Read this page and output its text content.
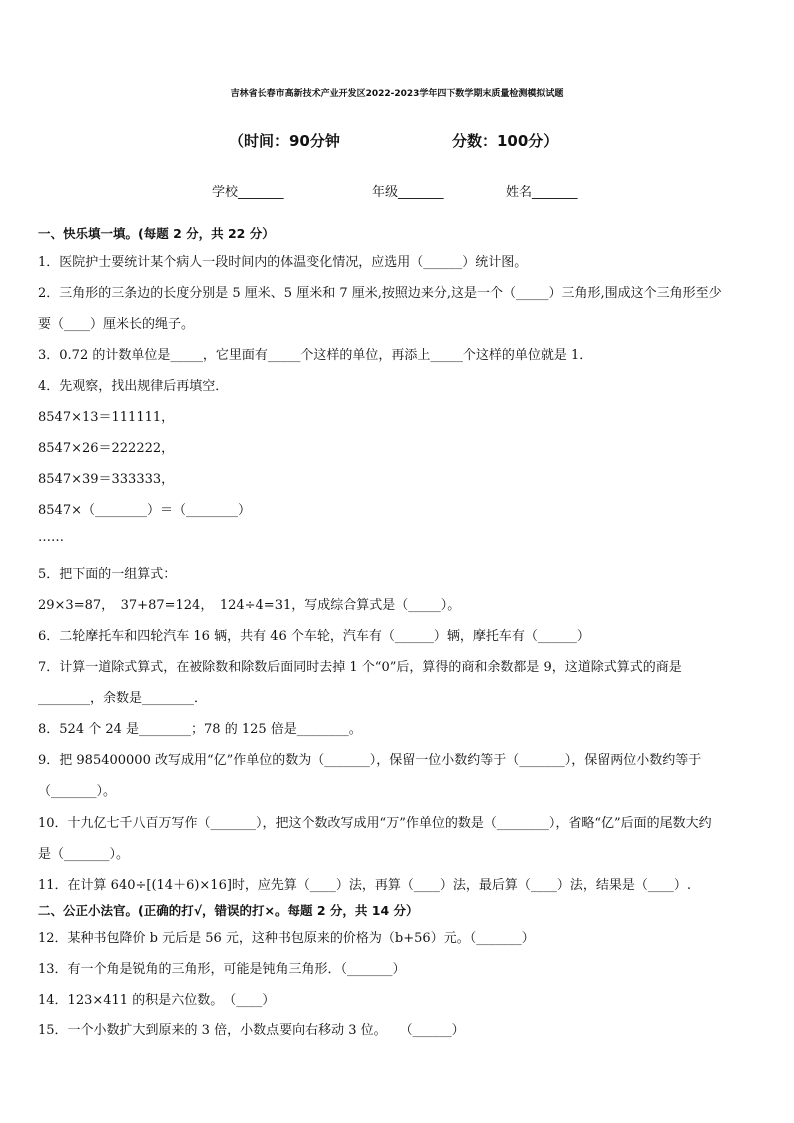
吉林省长春市高新技术产业开发区2022-2023学年四下数学期末质量检测模拟试题
（时间：90分钟	分数：100分）
学校_______	年级_______	姓名_______
一、快乐填一填。(每题 2 分，共 22 分）
1．医院护士要统计某个病人一段时间内的体温变化情况，应选用（______）统计图。
2．三角形的三条边的长度分别是 5 厘米、5 厘米和 7 厘米,按照边来分,这是一个（_____）三角形,围成这个三角形至少
要（____）厘米长的绳子。
3．0.72 的计数单位是_____，它里面有_____个这样的单位，再添上_____个这样的单位就是 1．
4．先观察，找出规律后再填空．
8547×13＝111111，
8547×26＝222222，
8547×39＝333333，
8547×（________）＝（________）
……
5．把下面的一组算式：
29×3=87，　37+87=124，　124÷4=31，写成综合算式是（_____）。
6．二轮摩托车和四轮汽车 16 辆，共有 46 个车轮，汽车有（______）辆，摩托车有（______）
7．计算一道除式算式，在被除数和除数后面同时去掉 1 个“0”后，算得的商和余数都是 9，这道除式算式的商是
________，余数是________．
8．524 个 24 是________；78 的 125 倍是________。
9．把 985400000 改写成用“亿”作单位的数为（_______），保留一位小数约等于（_______），保留两位小数约等于
（_______）。
10．十九亿七千八百万写作（_______），把这个数改写成用“万”作单位的数是（________），省略“亿”后面的尾数大约
是（_______）。
11．在计算 640÷[(14＋6)×16]时，应先算（____）法，再算（____）法，最后算（____）法，结果是（____）.
二、公正小法官。(正确的打√，错误的打×。每题 2 分，共 14 分）
12．某种书包降价 b 元后是 56 元，这种书包原来的价格为（b+56）元。（_______）
13．有一个角是锐角的三角形，可能是钝角三角形．（_______）
14．123×411 的积是六位数。　（____）
15．一个小数扩大到原来的 3 倍，小数点要向右移动 3 位。　　（______）
